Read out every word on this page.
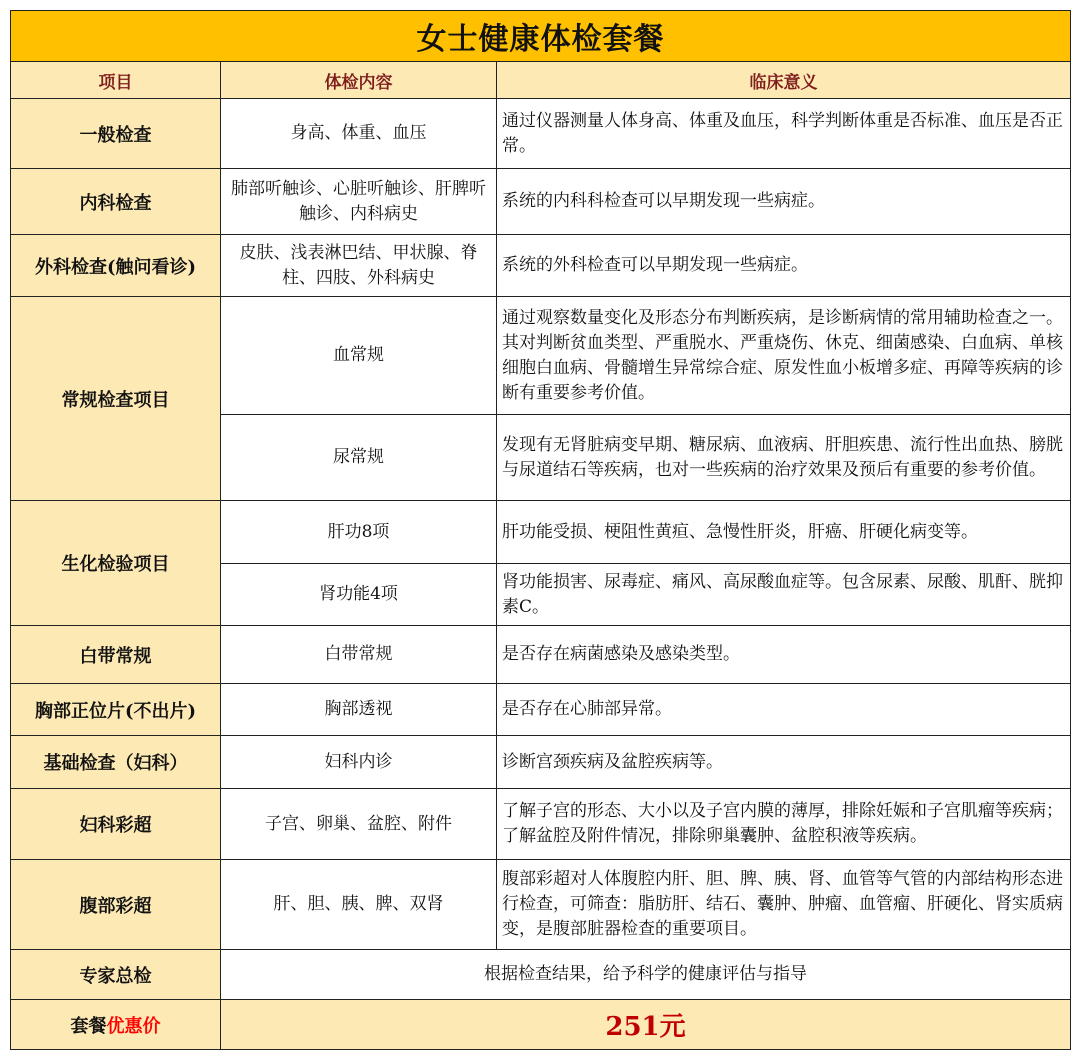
女士健康体检套餐		
项目	体检内容	临床意义
一般检查	身高、体重、血压	通过仪器测量人体身高、体重及血压，科学判断体重是否标准、血压是否正常。
内科检查	肺部听触诊、心脏听触诊、肝脾听触诊、内科病史	系统的内科科检查可以早期发现一些病症。
外科检查(触问看诊)	皮肤、浅表淋巴结、甲状腺、脊柱、四肢、外科病史	系统的外科检查可以早期发现一些病症。
常规检查项目	血常规	通过观察数量变化及形态分布判断疾病，是诊断病情的常用辅助检查之一。其对判断贫血类型、严重脱水、严重烧伤、休克、细菌感染、白血病、单核细胞白血病、骨髓增生异常综合症、原发性血小板增多症、再障等疾病的诊断有重要参考价值。
	尿常规	发现有无肾脏病变早期、糖尿病、血液病、肝胆疾患、流行性出血热、膀胱与尿道结石等疾病，也对一些疾病的治疗效果及预后有重要的参考价值。
生化检验项目	肝功8项	肝功能受损、梗阻性黄疸、急慢性肝炎，肝癌、肝硬化病变等。
	肾功能4项	肾功能损害、尿毒症、痛风、高尿酸血症等。包含尿素、尿酸、肌酐、胱抑素C。
白带常规	白带常规	是否存在病菌感染及感染类型。
胸部正位片(不出片)	胸部透视	是否存在心肺部异常。
基础检查（妇科）	妇科内诊	诊断宫颈疾病及盆腔疾病等。
妇科彩超	子宫、卵巢、盆腔、附件	了解子宫的形态、大小以及子宫内膜的薄厚，排除妊娠和子宫肌瘤等疾病；了解盆腔及附件情况，排除卵巢囊肿、盆腔积液等疾病。
腹部彩超	肝、胆、胰、脾、双肾	腹部彩超对人体腹腔内肝、胆、脾、胰、肾、血管等气管的内部结构形态进行检查，可筛查：脂肪肝、结石、囊肿、肿瘤、血管瘤、肝硬化、肾实质病变，是腹部脏器检查的重要项目。
专家总检	根据检查结果，给予科学的健康评估与指导	
套餐优惠价	251元	
